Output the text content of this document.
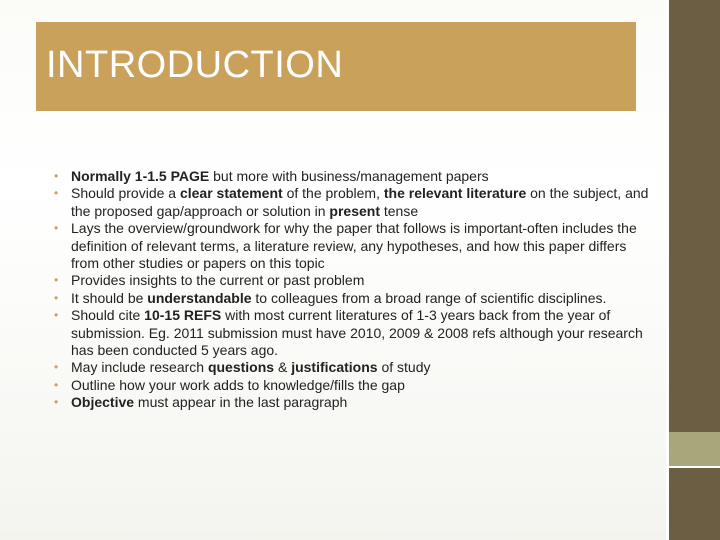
INTRODUCTION
• Normally 1-1.5 PAGE but more with business/management papers
• Should provide a clear statement of the problem, the relevant literature on the subject, and the proposed gap/approach or solution in present tense
• Lays the overview/groundwork for why the paper that follows is important-often includes the definition of relevant terms, a literature review, any hypotheses, and how this paper differs from other studies or papers on this topic
• Provides insights to the current or past problem
• It should be understandable to colleagues from a broad range of scientific disciplines.
• Should cite 10-15 REFS with most current literatures of 1-3 years back from the year of submission. Eg. 2011 submission must have 2010, 2009 & 2008 refs although your research has been conducted 5 years ago.
• May include research questions & justifications of study
• Outline how your work adds to knowledge/fills the gap
• Objective must appear in the last paragraph
